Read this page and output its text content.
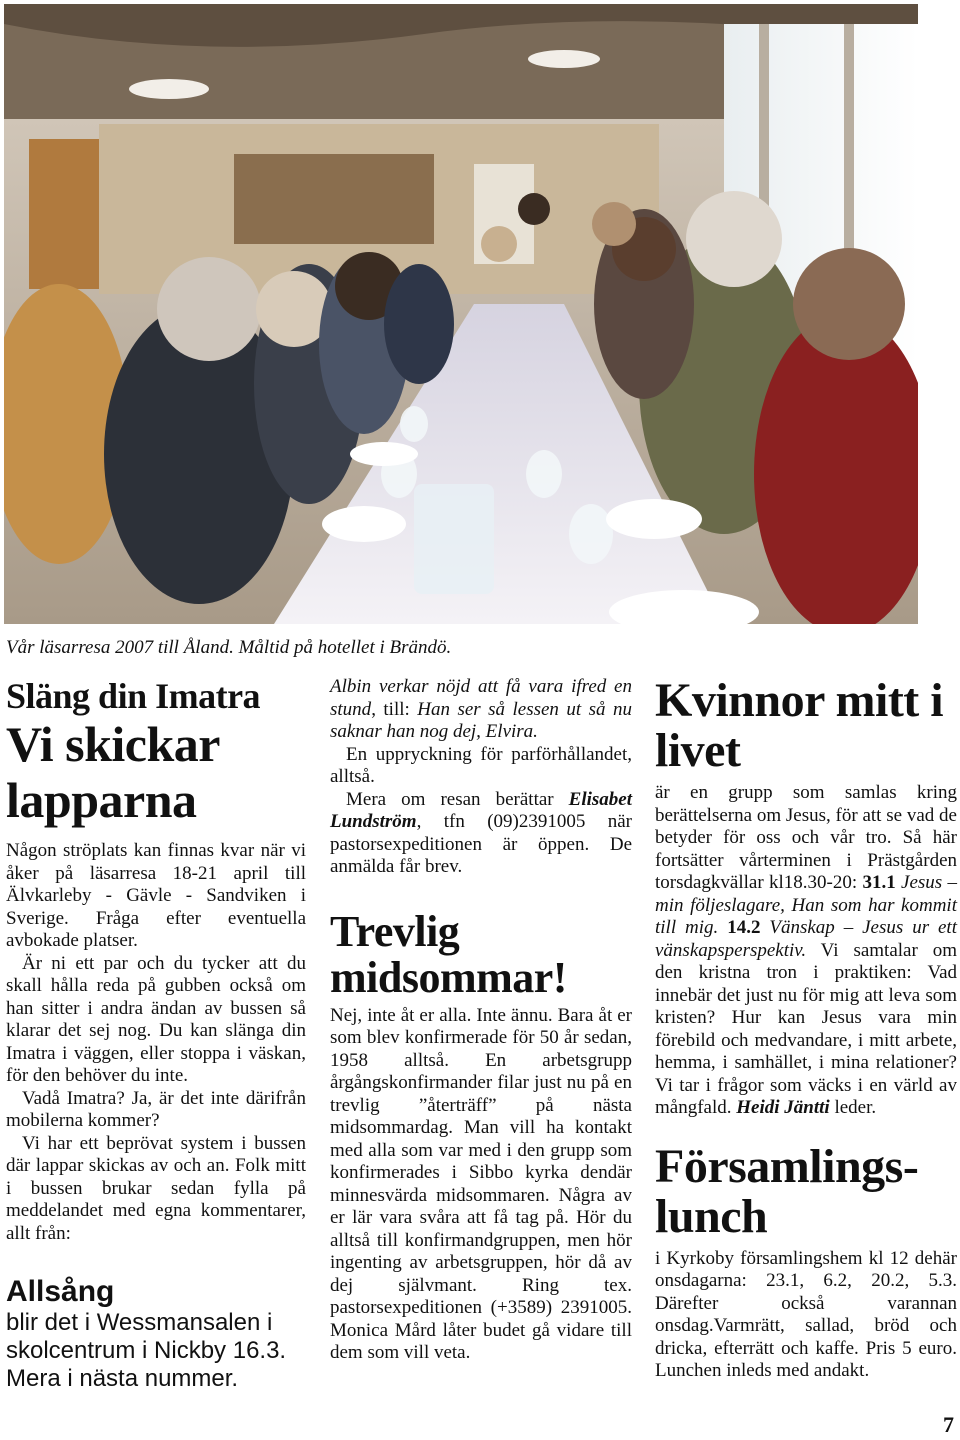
Vår läsarresa 2007 till Åland. Måltid på hotellet i Brändö.
Släng din Imatra
Vi skickar lapparna

Någon ströplats kan finnas kvar när vi åker på läsarresa 18-21 april till Älvkarleby - Gävle - Sandviken i Sverige. Fråga efter eventuella avbokade platser.

Är ni ett par och du tycker att du skall hålla reda på gubben också om han sitter i andra ändan av bussen så klarar det sej nog. Du kan slänga din Imatra i väggen, eller stoppa i väskan, för den behöver du inte.

Vadå Imatra? Ja, är det inte därifrån mobilerna kommer?

Vi har ett beprövat system i bussen där lappar skickas av och an. Folk mitt i bussen brukar sedan fylla på meddelandet med egna kommentarer, allt från:

Allsång
blir det i Wessmansalen i skolcentrum i Nickby 16.3. Mera i nästa nummer.

Albin verkar nöjd att få vara ifred en stund, till: Han ser så lessen ut så nu saknar han nog dej, Elvira.

En uppryckning för parförhållandet, alltså.

Mera om resan berättar Elisabet Lundström, tfn (09)2391005 när pastorsexpeditionen är öppen. De anmälda får brev.

Trevlig midsommar!

Nej, inte åt er alla. Inte ännu. Bara åt er som blev konfirmerade för 50 år sedan, 1958 alltså. En arbetsgrupp årgångskonfirmander filar just nu på en trevlig ”återträff” på nästa midsommardag. Man vill ha kontakt med alla som var med i den grupp som konfirmerades i Sibbo kyrka dendär minnesvärda midsommaren. Några av er lär vara svåra att få tag på. Hör du alltså till konfirmandgruppen, men hör ingenting av arbetsgruppen, hör då av dej självmant. Ring tex. pastorsexpeditionen (+3589) 2391005. Monica Mård låter budet gå vidare till dem som vill veta.

Kvinnor mitt i livet

är en grupp som samlas kring berättelserna om Jesus, för att se vad de betyder för oss och vår tro. Så här fortsätter vårterminen i Prästgården torsdagkvällar kl18.30-20: 31.1 Jesus – min följeslagare, Han som har kommit till mig. 14.2 Vänskap – Jesus ur ett vänskapsperspektiv. Vi samtalar om den kristna tron i praktiken: Vad innebär det just nu för mig att leva som kristen? Hur kan Jesus vara min förebild och medvandare, i mitt arbete, hemma, i samhället, i mina relationer? Vi tar i frågor som väcks i en värld av mångfald. Heidi Jäntti leder.

Församlings-lunch

i Kyrkoby församlingshem kl 12 dehär onsdagarna: 23.1, 6.2, 20.2, 5.3. Därefter också varannan onsdag.Varmrätt, sallad, bröd och dricka, efterrätt och kaffe. Pris 5 euro. Lunchen inleds med andakt.

7
